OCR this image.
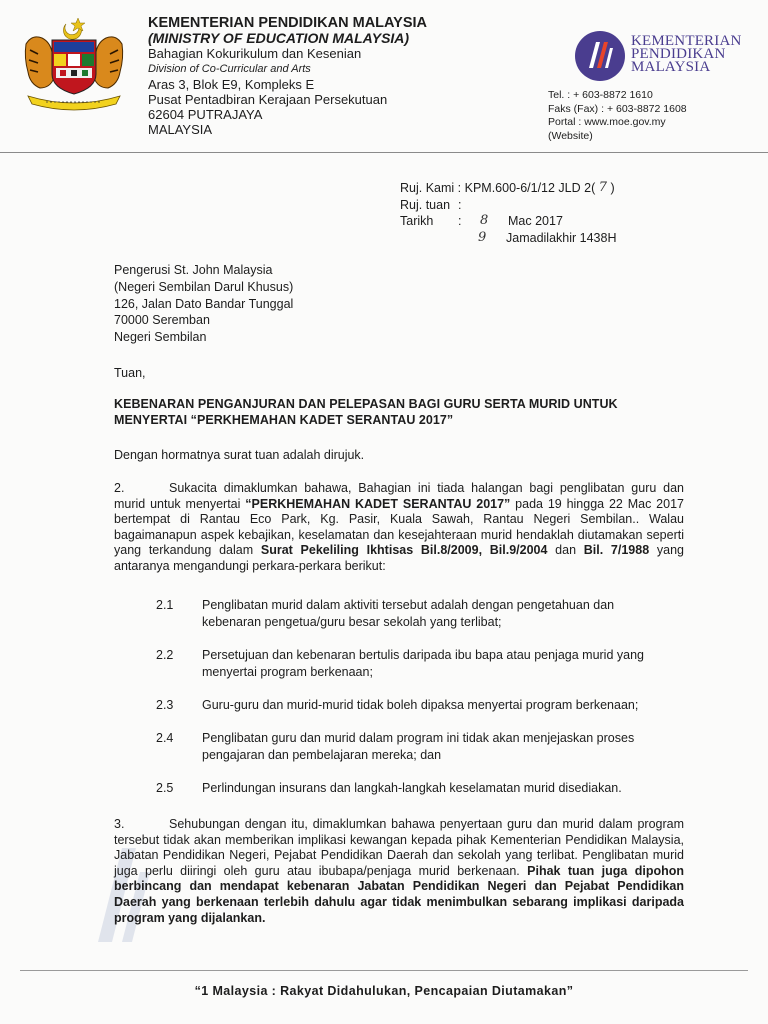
KEMENTERIAN PENDIDIKAN MALAYSIA
(MINISTRY OF EDUCATION MALAYSIA)
Bahagian Kokurikulum dan Kesenian
Division of Co-Curricular and Arts
Aras 3, Blok E9, Kompleks E
Pusat Pentadbiran Kerajaan Persekutuan
62604 PUTRAJAYA
MALAYSIA
KEMENTERIAN
PENDIDIKAN
MALAYSIA
Tel. :
+ 603-8872 1610
Faks (Fax) :
+ 603-8872 1608
Portal :
www.moe.gov.my
(Website)
Ruj. Kami :
KPM.600-6/1/12 JLD 2(
7
)
Ruj. tuan :
Tarikh	:	8	Mac 2017
9	Jamadilakhir 1438H
Pengerusi St. John Malaysia
(Negeri Sembilan Darul Khusus)
126, Jalan Dato Bandar Tunggal
70000 Seremban
Negeri Sembilan
Tuan,
KEBENARAN PENGANJURAN DAN PELEPASAN BAGI GURU SERTA MURID UNTUK MENYERTAI “PERKHEMAHAN KADET SERANTAU 2017”
Dengan hormatnya surat tuan adalah dirujuk.
2.	Sukacita dimaklumkan bahawa, Bahagian ini tiada halangan bagi penglibatan guru dan murid untuk menyertai “PERKHEMAHAN KADET SERANTAU 2017” pada 19 hingga 22 Mac 2017 bertempat di Rantau Eco Park, Kg. Pasir, Kuala Sawah, Rantau Negeri Sembilan.. Walau bagaimanapun aspek kebajikan, keselamatan dan kesejahteraan murid hendaklah diutamakan seperti yang terkandung dalam Surat Pekeliling Ikhtisas Bil.8/2009, Bil.9/2004 dan Bil. 7/1988 yang antaranya mengandungi perkara-perkara berikut:
2.1	Penglibatan murid dalam aktiviti tersebut adalah dengan pengetahuan dan kebenaran pengetua/guru besar sekolah yang terlibat;
2.2	Persetujuan dan kebenaran bertulis daripada ibu bapa atau penjaga murid yang menyertai program berkenaan;
2.3	Guru-guru dan murid-murid tidak boleh dipaksa menyertai program berkenaan;
2.4	Penglibatan guru dan murid dalam program ini tidak akan menjejaskan proses pengajaran dan pembelajaran mereka; dan
2.5	Perlindungan insurans dan langkah-langkah keselamatan murid disediakan.
3.	Sehubungan dengan itu, dimaklumkan bahawa penyertaan guru dan murid dalam program tersebut tidak akan memberikan implikasi kewangan kepada pihak Kementerian Pendidikan Malaysia, Jabatan Pendidikan Negeri, Pejabat Pendidikan Daerah dan sekolah yang terlibat. Penglibatan murid juga perlu diiringi oleh guru atau ibubapa/penjaga murid berkenaan. Pihak tuan juga dipohon berbincang dan mendapat kebenaran Jabatan Pendidikan Negeri dan Pejabat Pendidikan Daerah yang berkenaan terlebih dahulu agar tidak menimbulkan sebarang implikasi daripada program yang dijalankan.
“1 Malaysia : Rakyat Didahulukan, Pencapaian Diutamakan”
